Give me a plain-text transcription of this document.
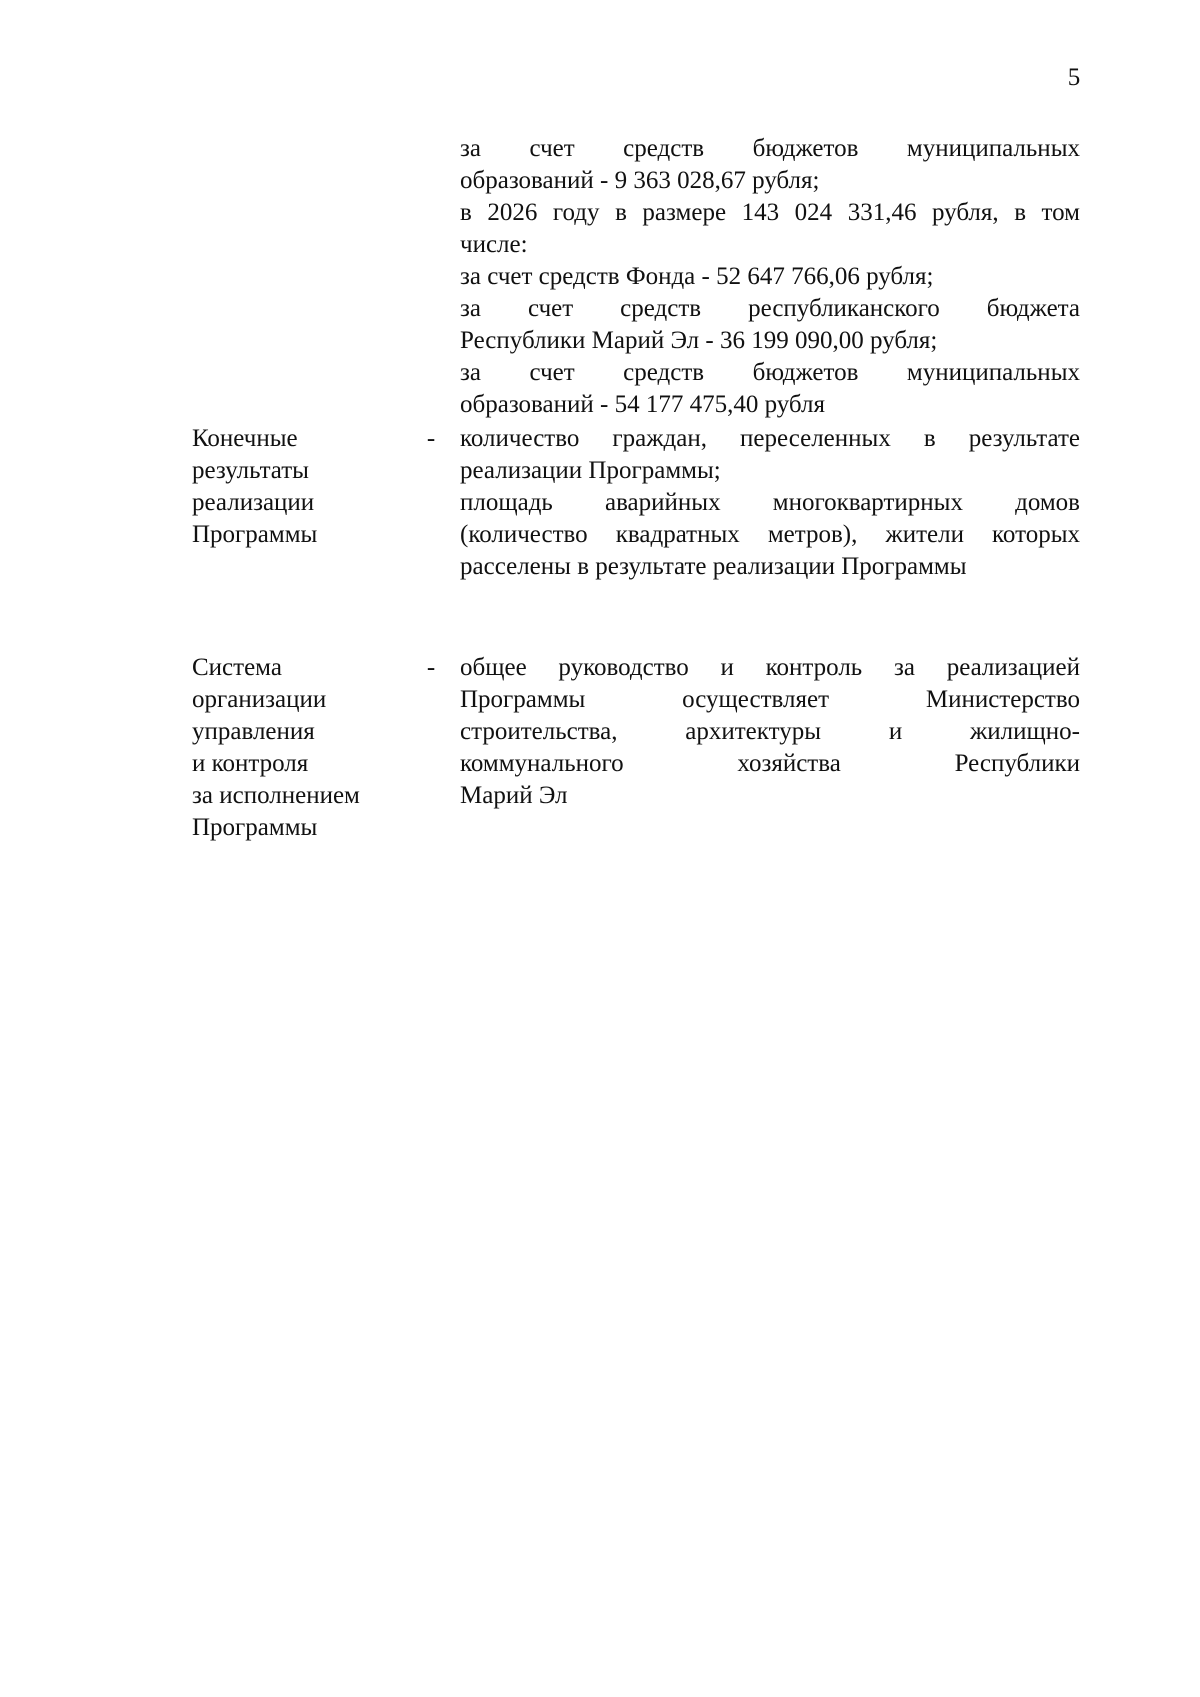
5
за счет средств бюджетов муниципальных
образований - 9 363 028,67 рубля;
в 2026 году в размере 143 024 331,46 рубля, в том
числе:
за счет средств Фонда - 52 647 766,06 рубля;
за счет средств республиканского бюджета
Республики Марий Эл - 36 199 090,00 рубля;
за счет средств бюджетов муниципальных
образований - 54 177 475,40 рубля
Конечные
результаты
реализации
Программы
- количество граждан, переселенных в результате
реализации Программы;
площадь аварийных многоквартирных домов
(количество квадратных метров), жители которых
расселены в результате реализации Программы
Система
организации
управления
и контроля
за исполнением
Программы
- общее руководство и контроль за реализацией
Программы осуществляет Министерство
строительства, архитектуры и жилищно-
коммунального хозяйства Республики
Марий Эл
